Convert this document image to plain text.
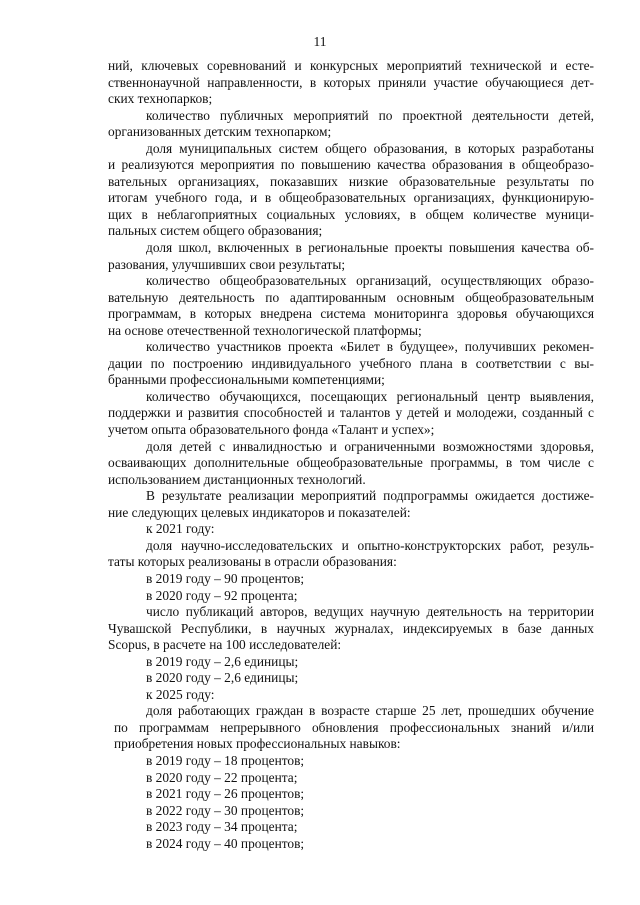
11
ний, ключевых соревнований и конкурсных мероприятий технической и есте-
ственнонаучной направленности, в которых приняли участие обучающиеся дет-
ских технопарков;
количество публичных мероприятий по проектной деятельности детей,
организованных детским технопарком;
доля муниципальных систем общего образования, в которых разработаны
и реализуются мероприятия по повышению качества образования в общеобразо-
вательных организациях, показавших низкие образовательные результаты по
итогам учебного года, и в общеобразовательных организациях, функционирую-
щих в неблагоприятных социальных условиях, в общем количестве муници-
пальных систем общего образования;
доля школ, включенных в региональные проекты повышения качества об-
разования, улучшивших свои результаты;
количество общеобразовательных организаций, осуществляющих образо-
вательную деятельность по адаптированным основным общеобразовательным
программам, в которых внедрена система мониторинга здоровья обучающихся
на основе отечественной технологической платформы;
количество участников проекта «Билет в будущее», получивших рекомен-
дации по построению индивидуального учебного плана в соответствии с вы-
бранными профессиональными компетенциями;
количество обучающихся, посещающих региональный центр выявления,
поддержки и развития способностей и талантов у детей и молодежи, созданный с
учетом опыта образовательного фонда «Талант и успех»;
доля детей с инвалидностью и ограниченными возможностями здоровья,
осваивающих дополнительные общеобразовательные программы, в том числе с
использованием дистанционных технологий.
В результате реализации мероприятий подпрограммы ожидается достиже-
ние следующих целевых индикаторов и показателей:
к 2021 году:
доля научно-исследовательских и опытно-конструкторских работ, резуль-
таты которых реализованы в отрасли образования:
в 2019 году – 90 процентов;
в 2020 году – 92 процента;
число публикаций авторов, ведущих научную деятельность на территории
Чувашской Республики, в научных журналах, индексируемых в базе данных
Scopus, в расчете на 100 исследователей:
в 2019 году – 2,6 единицы;
в 2020 году – 2,6 единицы;
к 2025 году:
доля работающих граждан в возрасте старше 25 лет, прошедших обучение
по программам непрерывного обновления профессиональных знаний и/или
приобретения новых профессиональных навыков:
в 2019 году – 18 процентов;
в 2020 году – 22 процента;
в 2021 году – 26 процентов;
в 2022 году – 30 процентов;
в 2023 году – 34 процента;
в 2024 году – 40 процентов;
